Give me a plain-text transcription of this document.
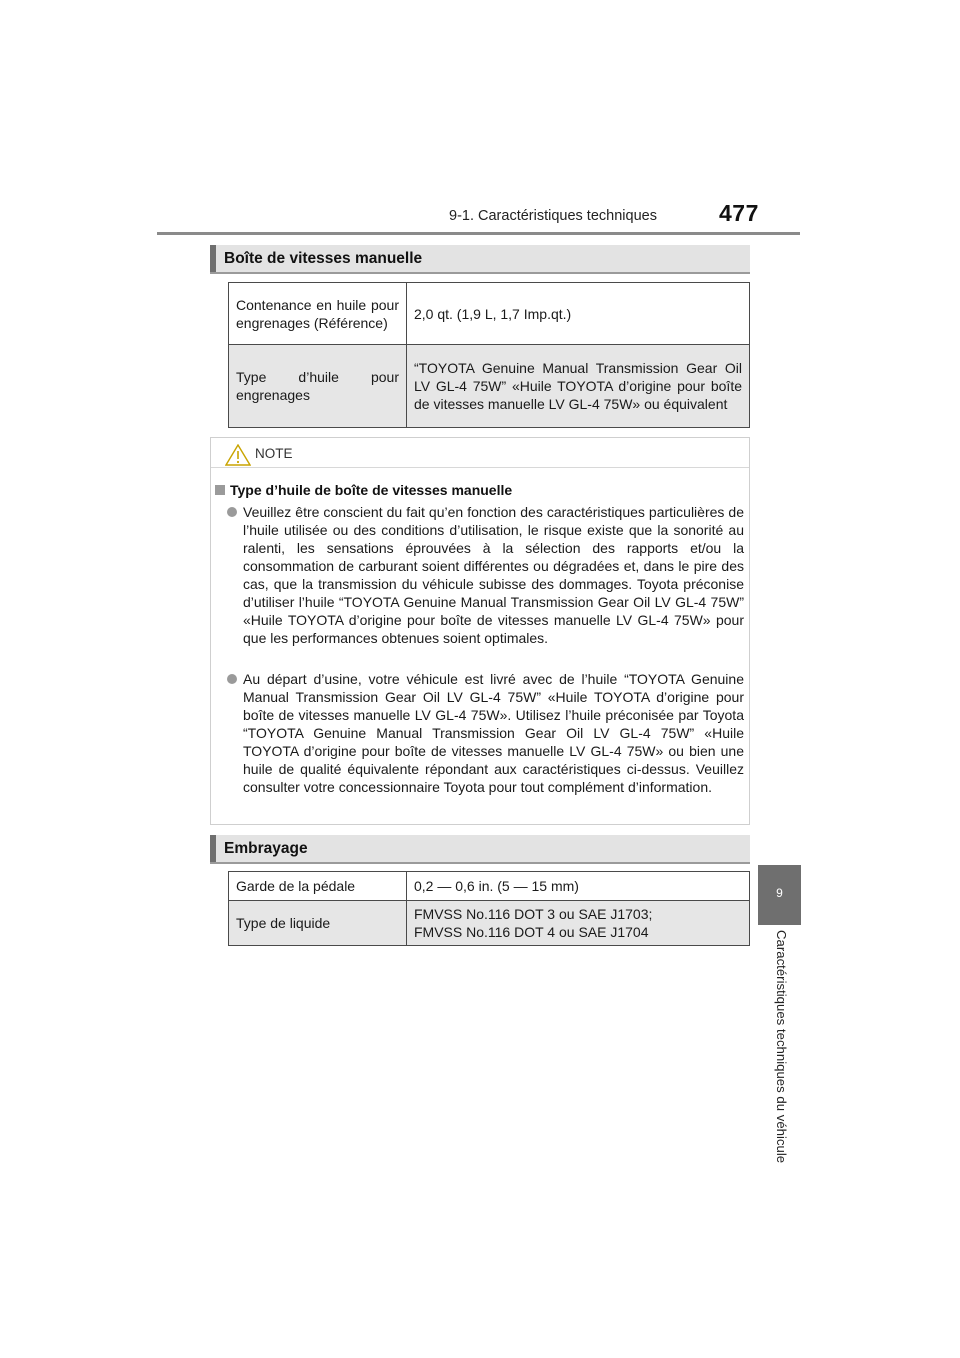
9-1. Caractéristiques techniques	477
9
Caractéristiques techniques du véhicule
Boîte de vitesses manuelle
Contenance en huile pour engrenages (Référence)	2,0 qt. (1,9 L, 1,7 Imp.qt.)
Type d’huile pour engrenages	“TOYOTA Genuine Manual Transmission Gear Oil LV GL-4 75W” «Huile TOYOTA d’origine pour boîte de vitesses manuelle LV GL-4 75W» ou équivalent
NOTE
Type d’huile de boîte de vitesses manuelle
Veuillez être conscient du fait qu’en fonction des caractéristiques particulières de l’huile utilisée ou des conditions d’utilisation, le risque existe que la sonorité au ralenti, les sensations éprouvées à la sélection des rapports et/ou la consommation de carburant soient différentes ou dégradées et, dans le pire des cas, que la transmission du véhicule subisse des dommages. Toyota préconise d’utiliser l’huile “TOYOTA Genuine Manual Transmission Gear Oil LV GL-4 75W” «Huile TOYOTA d’origine pour boîte de vitesses manuelle LV GL-4 75W» pour que les performances obtenues soient optimales.
Au départ d’usine, votre véhicule est livré avec de l’huile “TOYOTA Genuine Manual Transmission Gear Oil LV GL-4 75W” «Huile TOYOTA d’origine pour boîte de vitesses manuelle LV GL-4 75W». Utilisez l’huile préconisée par Toyota “TOYOTA Genuine Manual Transmission Gear Oil LV GL-4 75W” «Huile TOYOTA d’origine pour boîte de vitesses manuelle LV GL-4 75W» ou bien une huile de qualité équivalente répondant aux caractéristiques ci-dessus. Veuillez consulter votre concessionnaire Toyota pour tout complément d’information.
Embrayage
Garde de la pédale	0,2 — 0,6 in. (5 — 15 mm)
Type de liquide	FMVSS No.116 DOT 3 ou SAE J1703;
FMVSS No.116 DOT 4 ou SAE J1704
